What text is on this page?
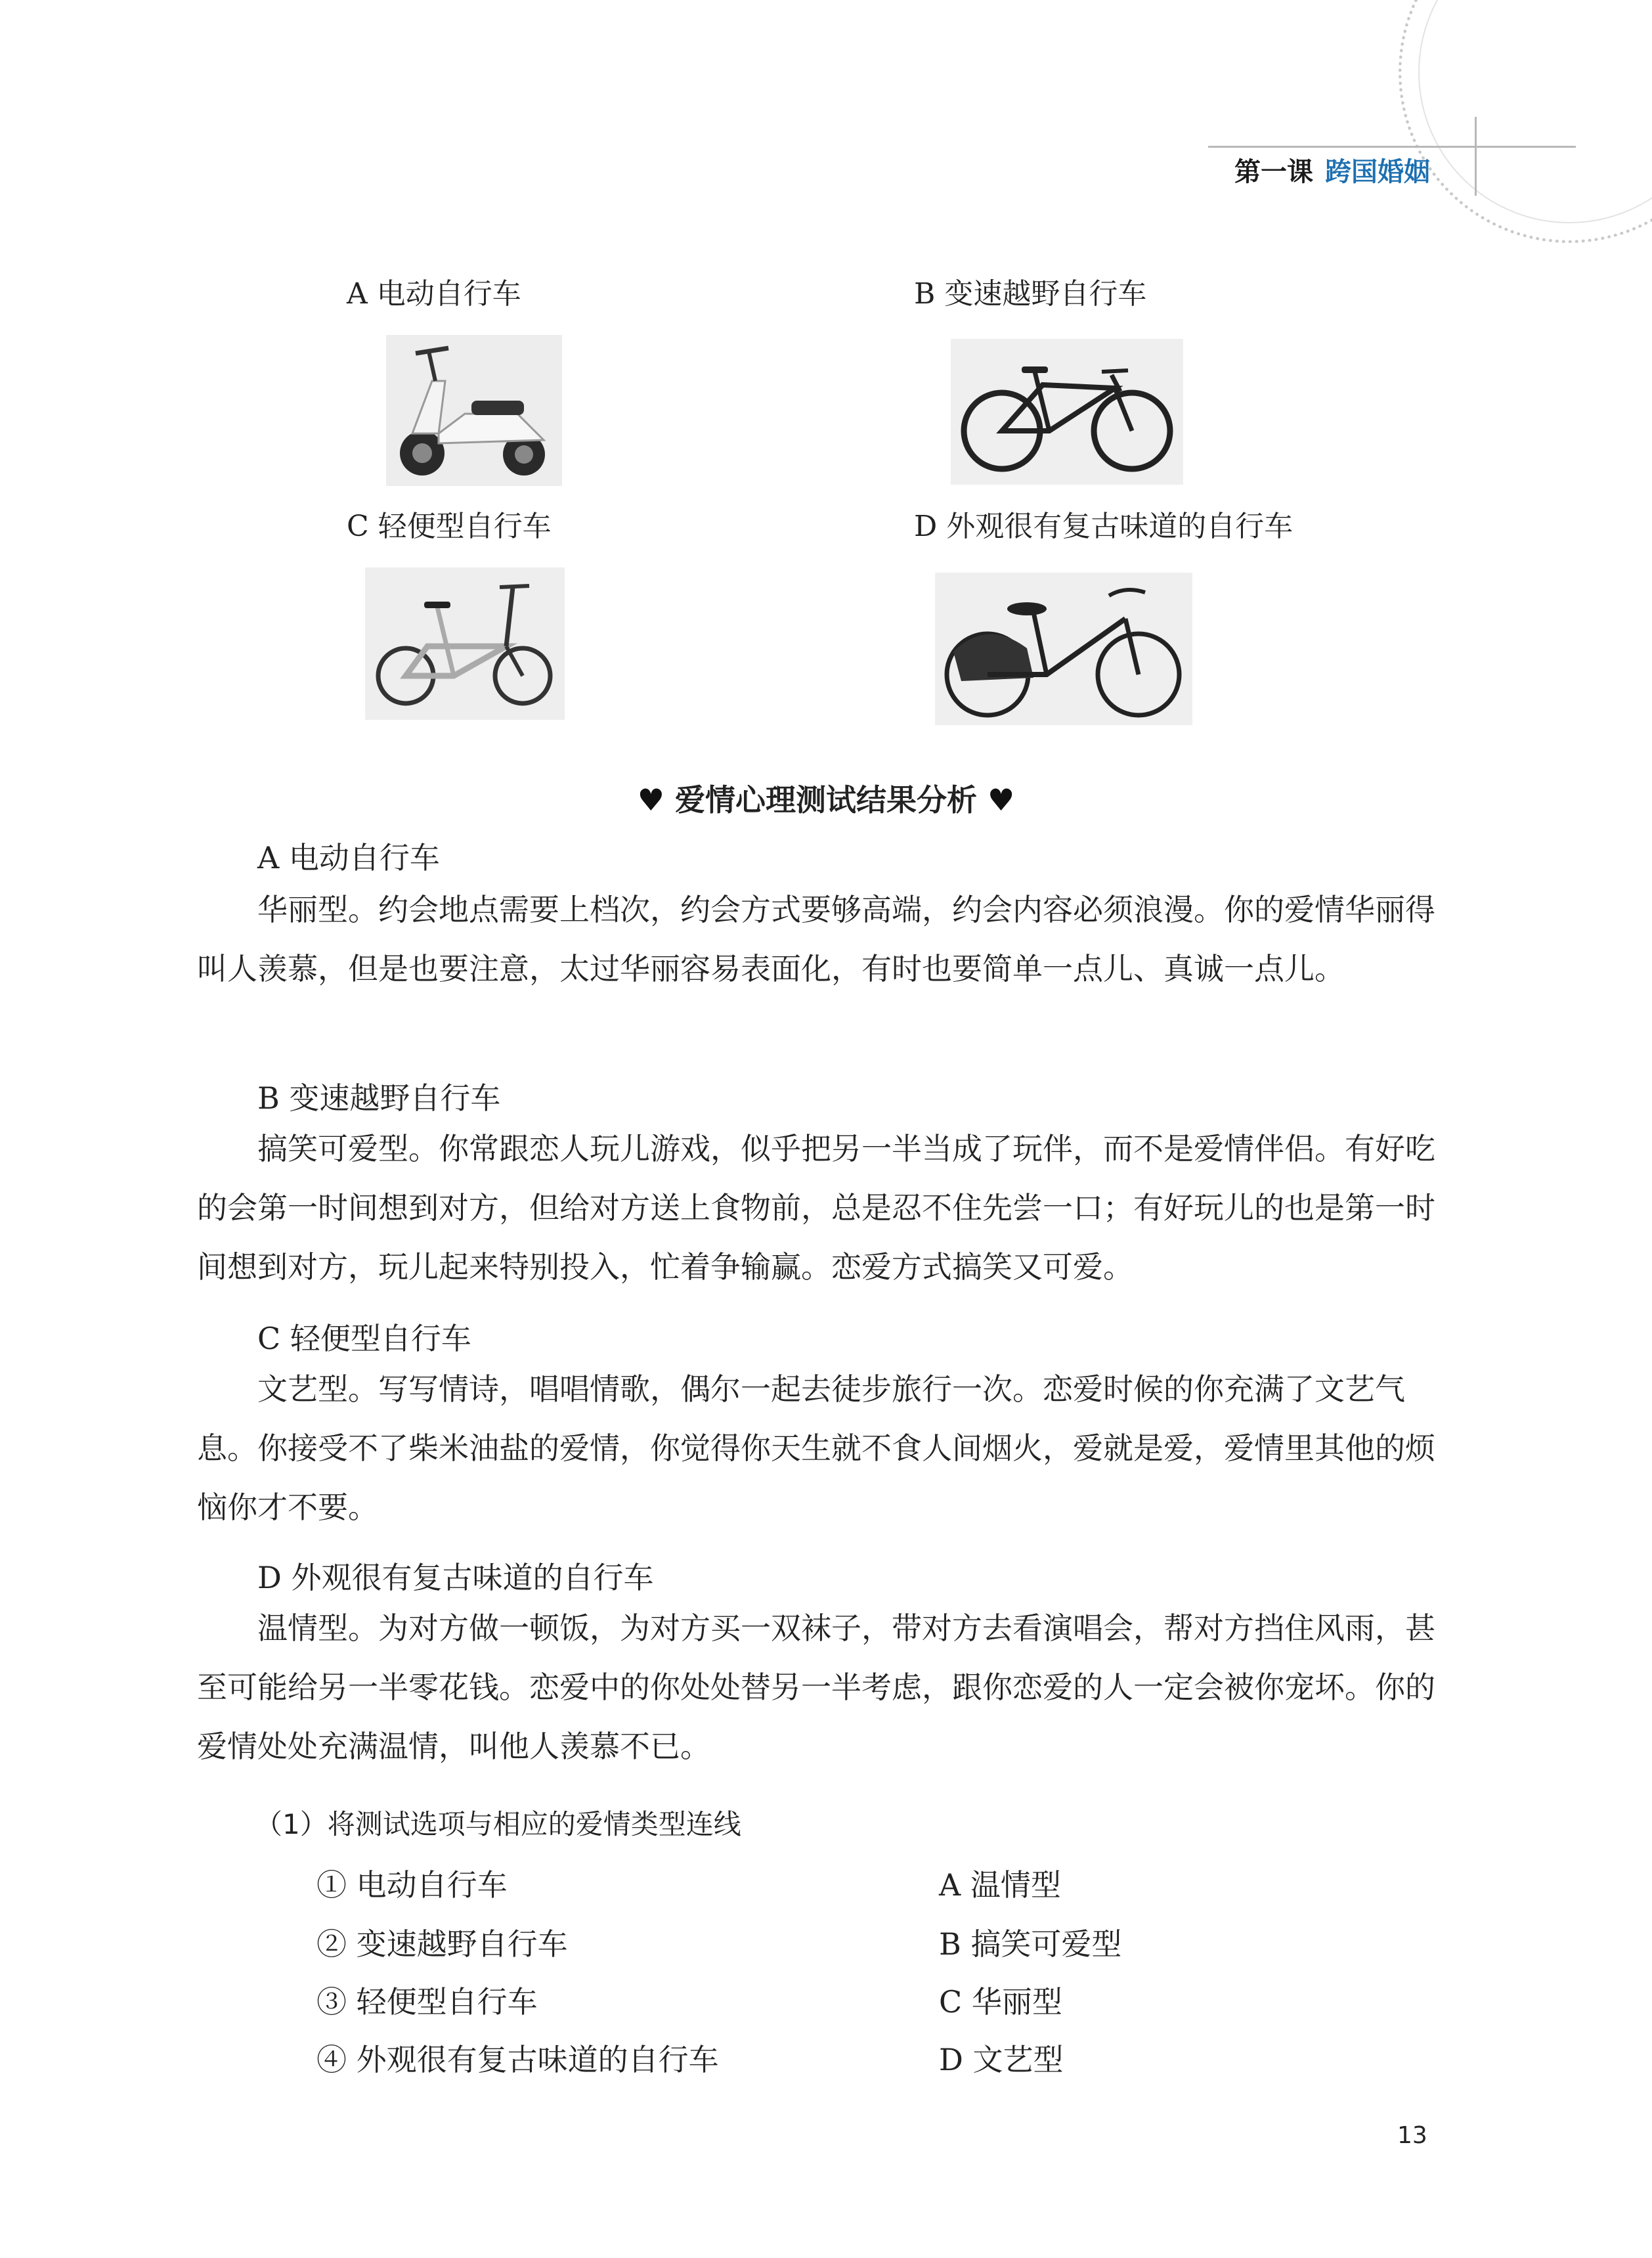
第一课 跨国婚姻
A 电动自行车	B 变速越野自行车
C 轻便型自行车	D 外观很有复古味道的自行车
♥ 爱情心理测试结果分析 ♥
A 电动自行车
华丽型。约会地点需要上档次，约会方式要够高端，约会内容必须浪漫。你的爱情华丽得叫人羡慕，但是也要注意，太过华丽容易表面化，有时也要简单一点儿、真诚一点儿。
B 变速越野自行车
搞笑可爱型。你常跟恋人玩儿游戏，似乎把另一半当成了玩伴，而不是爱情伴侣。有好吃的会第一时间想到对方，但给对方送上食物前，总是忍不住先尝一口；有好玩儿的也是第一时间想到对方，玩儿起来特别投入，忙着争输赢。恋爱方式搞笑又可爱。
C 轻便型自行车
文艺型。写写情诗，唱唱情歌，偶尔一起去徒步旅行一次。恋爱时候的你充满了文艺气息。你接受不了柴米油盐的爱情，你觉得你天生就不食人间烟火，爱就是爱，爱情里其他的烦恼你才不要。
D 外观很有复古味道的自行车
温情型。为对方做一顿饭，为对方买一双袜子，带对方去看演唱会，帮对方挡住风雨，甚至可能给另一半零花钱。恋爱中的你处处替另一半考虑，跟你恋爱的人一定会被你宠坏。你的爱情处处充满温情，叫他人羡慕不已。
（1）将测试选项与相应的爱情类型连线
① 电动自行车
② 变速越野自行车
③ 轻便型自行车
④ 外观很有复古味道的自行车
A 温情型
B 搞笑可爱型
C 华丽型
D 文艺型
13
